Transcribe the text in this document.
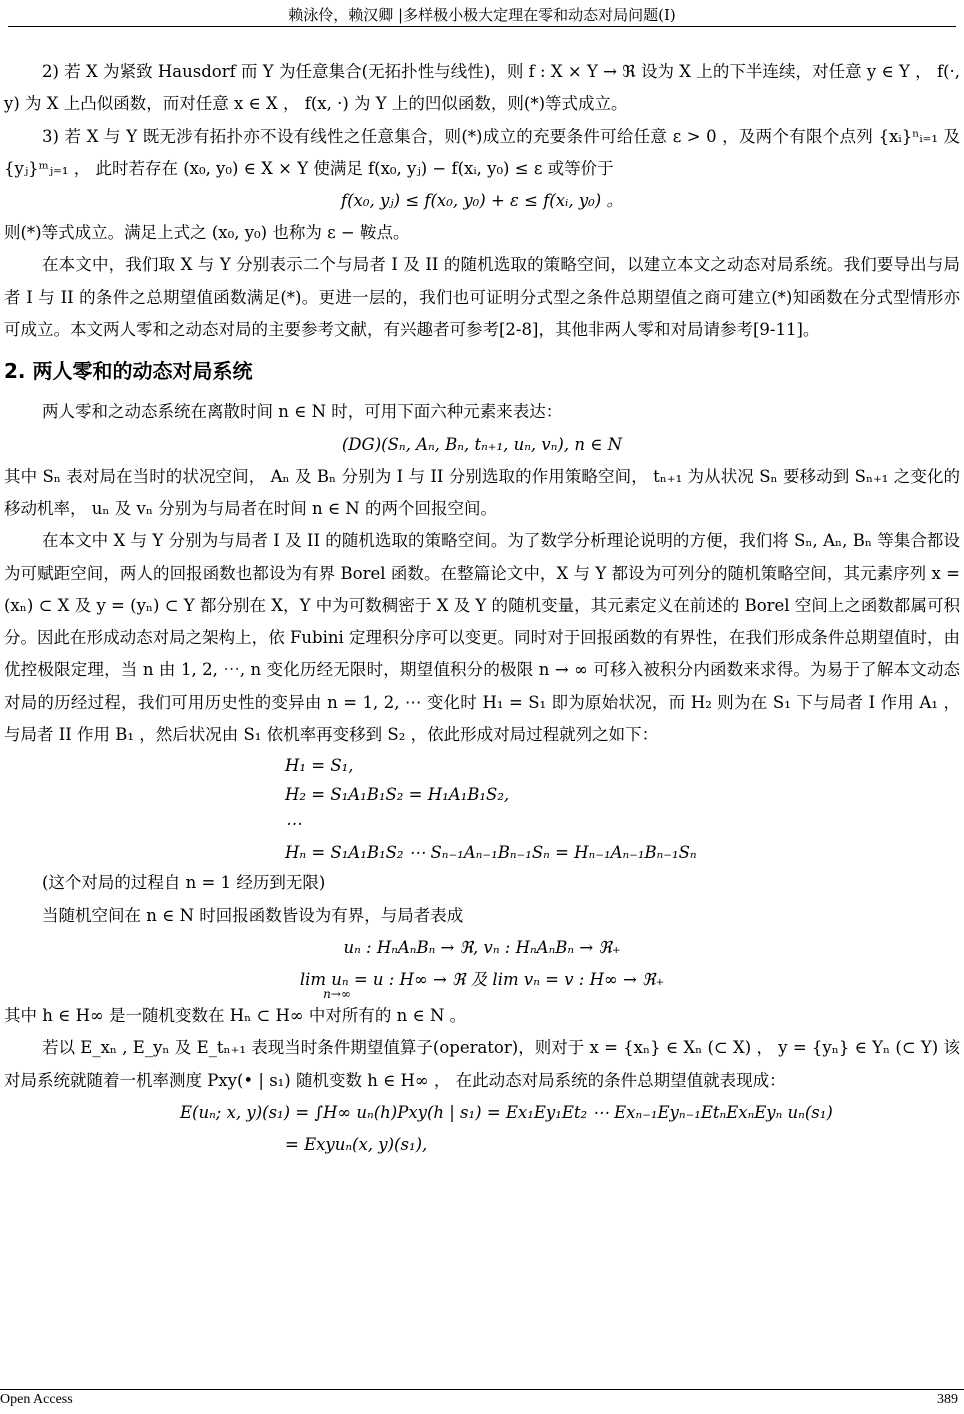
赖泳伶，赖汉卿 |多样极小极大定理在零和动态对局问题(I)

2) 若 X 为紧致 Hausdorf 而 Y 为任意集合(无拓扑性与线性)，则 f : X × Y → ℜ 设为 X 上的下半连续，对任意 y ∈ Y ， f(·, y) 为 X 上凸似函数，而对任意 x ∈ X ， f(x, ·) 为 Y 上的凹似函数，则(*)等式成立。

3) 若 X 与 Y 既无涉有拓扑亦不设有线性之任意集合，则(*)成立的充要条件可给任意 ε > 0 ，及两个有限个点列 {xᵢ}ⁿᵢ₌₁ 及 {yⱼ}ᵐⱼ₌₁ ， 此时若存在 (x₀, y₀) ∈ X × Y 使满足 f(x₀, yⱼ) − f(xᵢ, y₀) ≤ ε 或等价于

f(x₀, yⱼ) ≤ f(x₀, y₀) + ε ≤ f(xᵢ, y₀) 。

则(*)等式成立。满足上式之 (x₀, y₀) 也称为 ε − 鞍点。

在本文中，我们取 X 与 Y 分别表示二个与局者 I 及 II 的随机选取的策略空间，以建立本文之动态对局系统。我们要导出与局者 I 与 II 的条件之总期望值函数满足(*)。更进一层的，我们也可证明分式型之条件总期望值之商可建立(*)知函数在分式型情形亦可成立。本文两人零和之动态对局的主要参考文献，有兴趣者可参考[2-8]，其他非两人零和对局请参考[9-11]。

2. 两人零和的动态对局系统

两人零和之动态系统在离散时间 n ∈ N 时，可用下面六种元素来表达：

(DG)(Sₙ, Aₙ, Bₙ, tₙ₊₁, uₙ, vₙ), n ∈ N

其中 Sₙ 表对局在当时的状况空间， Aₙ 及 Bₙ 分别为 I 与 II 分别选取的作用策略空间， tₙ₊₁ 为从状况 Sₙ 要移动到 Sₙ₊₁ 之变化的移动机率， uₙ 及 vₙ 分别为与局者在时间 n ∈ N 的两个回报空间。

在本文中 X 与 Y 分别为与局者 I 及 II 的随机选取的策略空间。为了数学分析理论说明的方便，我们将 Sₙ, Aₙ, Bₙ 等集合都设为可赋距空间，两人的回报函数也都设为有界 Borel 函数。在整篇论文中，X 与 Y 都设为可列分的随机策略空间，其元素序列 x = (xₙ) ⊂ X 及 y = (yₙ) ⊂ Y 都分别在 X，Y 中为可数稠密于 X 及 Y 的随机变量，其元素定义在前述的 Borel 空间上之函数都属可积分。因此在形成动态对局之架构上，依 Fubini 定理积分序可以变更。同时对于回报函数的有界性，在我们形成条件总期望值时，由优控极限定理，当 n 由 1, 2, ⋯, n 变化历经无限时，期望值积分的极限 n → ∞ 可移入被积分内函数来求得。为易于了解本文动态对局的历经过程，我们可用历史性的变异由 n = 1, 2, ⋯ 变化时 H₁ = S₁ 即为原始状况，而 H₂ 则为在 S₁ 下与局者 I 作用 A₁ ，与局者 II 作用 B₁ ，然后状况由 S₁ 依机率再变移到 S₂ ，依此形成对局过程就列之如下：

H₁ = S₁,
H₂ = S₁A₁B₁S₂ = H₁A₁B₁S₂,
⋯
Hₙ = S₁A₁B₁S₂ ⋯ Sₙ₋₁Aₙ₋₁Bₙ₋₁Sₙ = Hₙ₋₁Aₙ₋₁Bₙ₋₁Sₙ

(这个对局的过程自 n = 1 经历到无限)

当随机空间在 n ∈ N 时回报函数皆设为有界，与局者表成

uₙ : HₙAₙBₙ → ℜ, vₙ : HₙAₙBₙ → ℜ₊
lim uₙ = u : H∞ → ℜ 及 lim vₙ = v : H∞ → ℜ₊
n→∞

其中 h ∈ H∞ 是一随机变数在 Hₙ ⊂ H∞ 中对所有的 n ∈ N 。

若以 E_xₙ , E_yₙ 及 E_tₙ₊₁ 表现当时条件期望值算子(operator)，则对于 x = {xₙ} ∈ Xₙ (⊂ X) ， y = {yₙ} ∈ Yₙ (⊂ Y) 该对局系统就随着一机率测度 Pxy(• | s₁) 随机变数 h ∈ H∞ ， 在此动态对局系统的条件总期望值就表现成：

E(uₙ; x, y)(s₁) = ∫H∞ uₙ(h)Pxy(h | s₁) = Ex₁Ey₁Et₂ ⋯ Exₙ₋₁Eyₙ₋₁EtₙExₙEyₙ uₙ(s₁)
= Exyuₙ(x, y)(s₁),
Open Access	389
